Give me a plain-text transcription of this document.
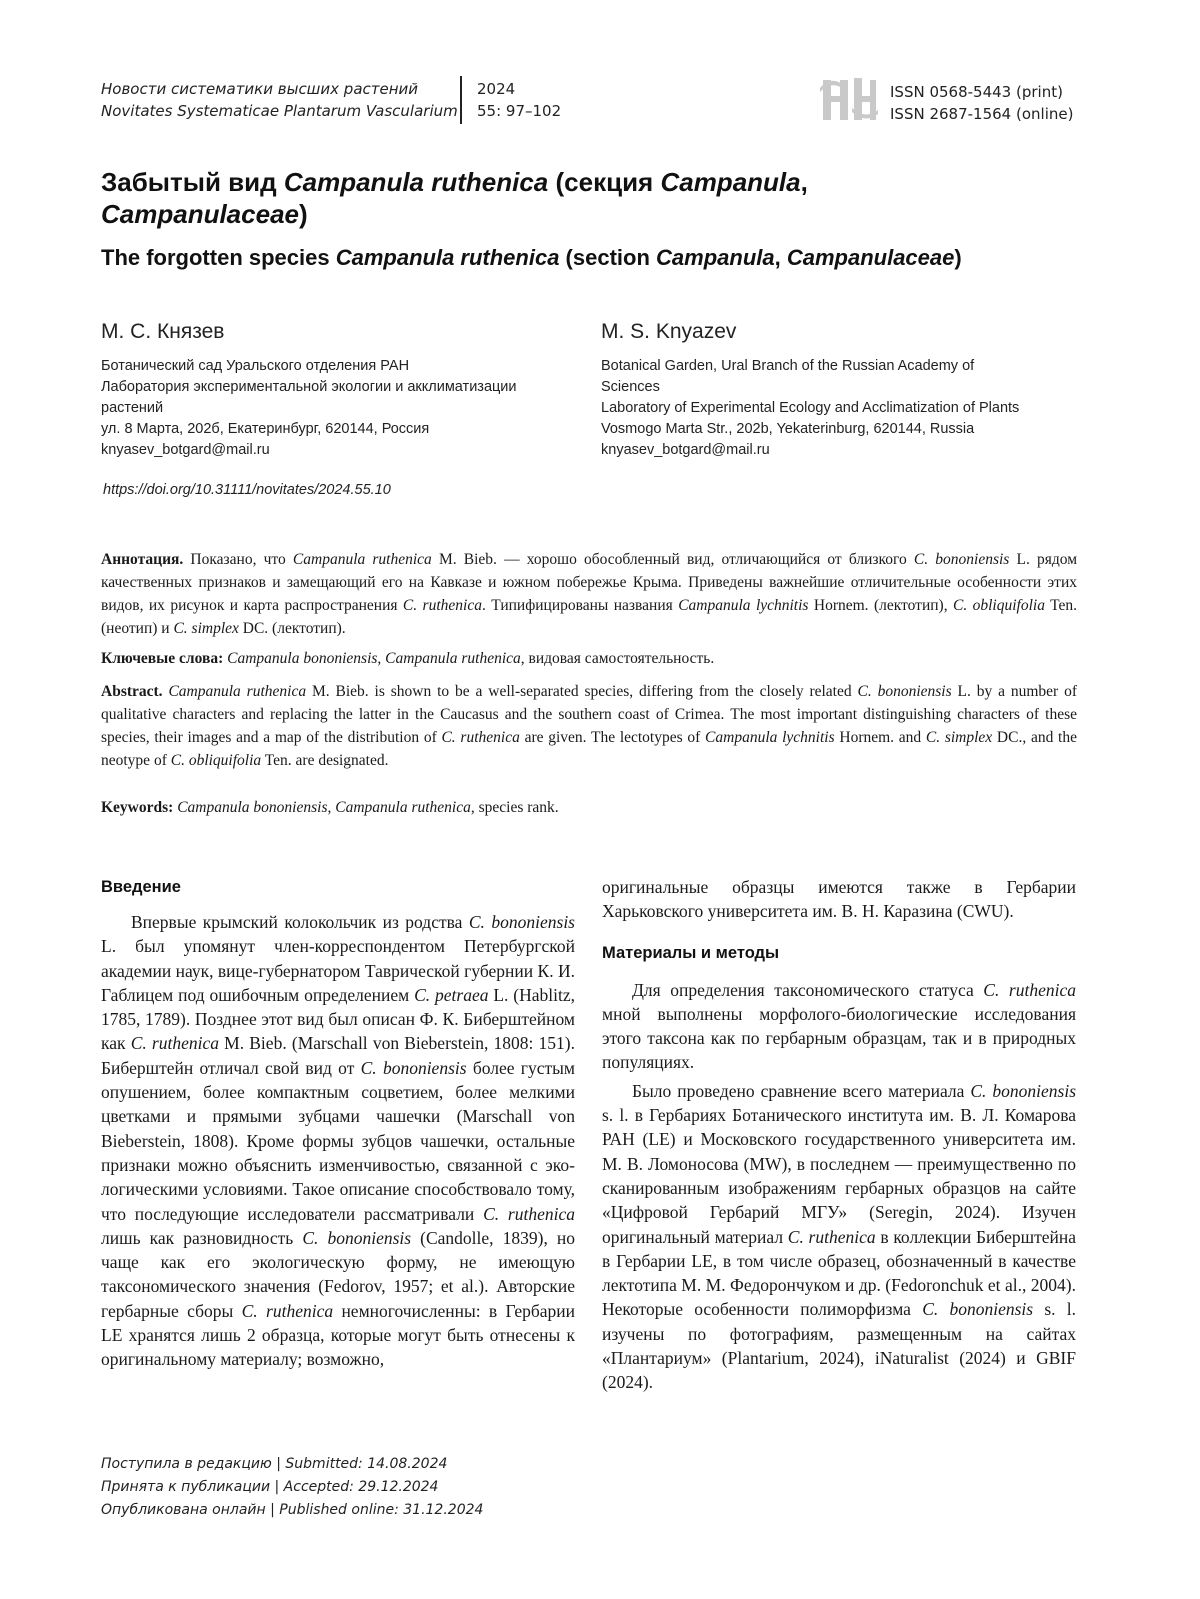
Новости систематики высших растений
Novitates Systematicae Plantarum Vascularium
2024
55: 97–102
ISSN 0568-5443 (print)
ISSN 2687-1564 (online)
Забытый вид Campanula ruthenica (секция Campanula,
Campanulaceae)
The forgotten species Campanula ruthenica (section Campanula, Campanulaceae)
М. С. Князев	M. S. Knyazev
Ботанический сад Уральского отделения РАН
Лаборатория экспериментальной экологии и акклиматизации
растений
ул. 8 Марта, 202б, Екатеринбург, 620144, Россия
knyasev_botgard@mail.ru
Botanical Garden, Ural Branch of the Russian Academy of
Sciences
Laboratory of Experimental Ecology and Acclimatization of Plants
Vosmogo Marta Str., 202b, Yekaterinburg, 620144, Russia
knyasev_botgard@mail.ru
https://doi.org/10.31111/novitates/2024.55.10
Аннотация. Показано, что Campanula ruthenica M. Bieb. — хорошо обособленный вид, отличающийся от близкого C. bononiensis L. рядом качественных признаков и замещающий его на Кавказе и южном побережье Крыма. Приведены важнейшие отличительные особенности этих видов, их рисунок и карта распространения C. ruthenica. Типифицированы названия Campanula lychnitis Hornem. (лектотип), C. obliquifolia Ten. (неотип) и C. simplex DC. (лектотип).
Ключевые слова: Campanula bononiensis, Campanula ruthenica, видовая самостоятельность.
Abstract. Campanula ruthenica M. Bieb. is shown to be a well-separated species, differing from the closely related C. bononiensis L. by a number of qualitative characters and replacing the latter in the Caucasus and the southern coast of Crimea. The most important distinguishing characters of these species, their images and a map of the distribution of C. ruthenica are given. The lectotypes of Campanula lychnitis Hornem. and C. simplex DC., and the neotype of C. obliquifolia Ten. are designated.
Keywords: Campanula bononiensis, Campanula ruthenica, species rank.
Введение

Впервые крымский колокольчик из родства C. bononiensis L. был упомянут член-корреспондентом Петербургской академии наук, вице-губернатором Таврической губернии К. И. Габлицем под ошибочным определением C. petraea L. (Hablitz, 1785, 1789). Позднее этот вид был описан Ф. К. Биберштейном как C. ruthenica M. Bieb. (Marschall von Bieberstein, 1808: 151). Биберштейн отличал свой вид от C. bononiensis более густым опушением, более компактным соцветием, более мелкими цветками и прямыми зубцами чашечки (Marschall von Bieberstein, 1808). Кроме формы зубцов чашечки, остальные признаки можно объяснить изменчивостью, связанной с экологическими условиями. Такое описание способствовало тому, что последующие исследователи рассматривали C. ruthenica лишь как разновидность C. bononiensis (Candolle, 1839), но чаще как его экологическую форму, не имеющую таксономического значения (Fedorov, 1957; et al.). Авторские гербарные сборы C. ruthenica немногочисленны: в Гербарии LE хранятся лишь 2 образца, которые могут быть отнесены к оригинальному материалу; возможно,

оригинальные образцы имеются также в Гербарии Харьковского университета им. В. Н. Каразина (CWU).

Материалы и методы

Для определения таксономического статуса C. ruthenica мной выполнены морфолого-биологические исследования этого таксона как по гербарным образцам, так и в природных популяциях.

Было проведено сравнение всего материала C. bononiensis s. l. в Гербариях Ботанического института им. В. Л. Комарова РАН (LE) и Московского государственного университета им. М. В. Ломоносова (MW), в последнем — преимущественно по сканированным изображениям гербарных образцов на сайте «Цифровой Гербарий МГУ» (Seregin, 2024). Изучен оригинальный материал C. ruthenica в коллекции Биберштейна в Гербарии LE, в том числе образец, обозначенный в качестве лектотипа М. М. Федорончуком и др. (Fedoronchuk et al., 2004). Некоторые особенности полиморфизма C. bononiensis s. l. изучены по фотографиям, размещенным на сайтах «Плантариум» (Plantarium, 2024), iNaturalist (2024) и GBIF (2024).

Поступила в редакцию | Submitted: 14.08.2024
Принята к публикации | Accepted: 29.12.2024
Опубликована онлайн | Published online: 31.12.2024
